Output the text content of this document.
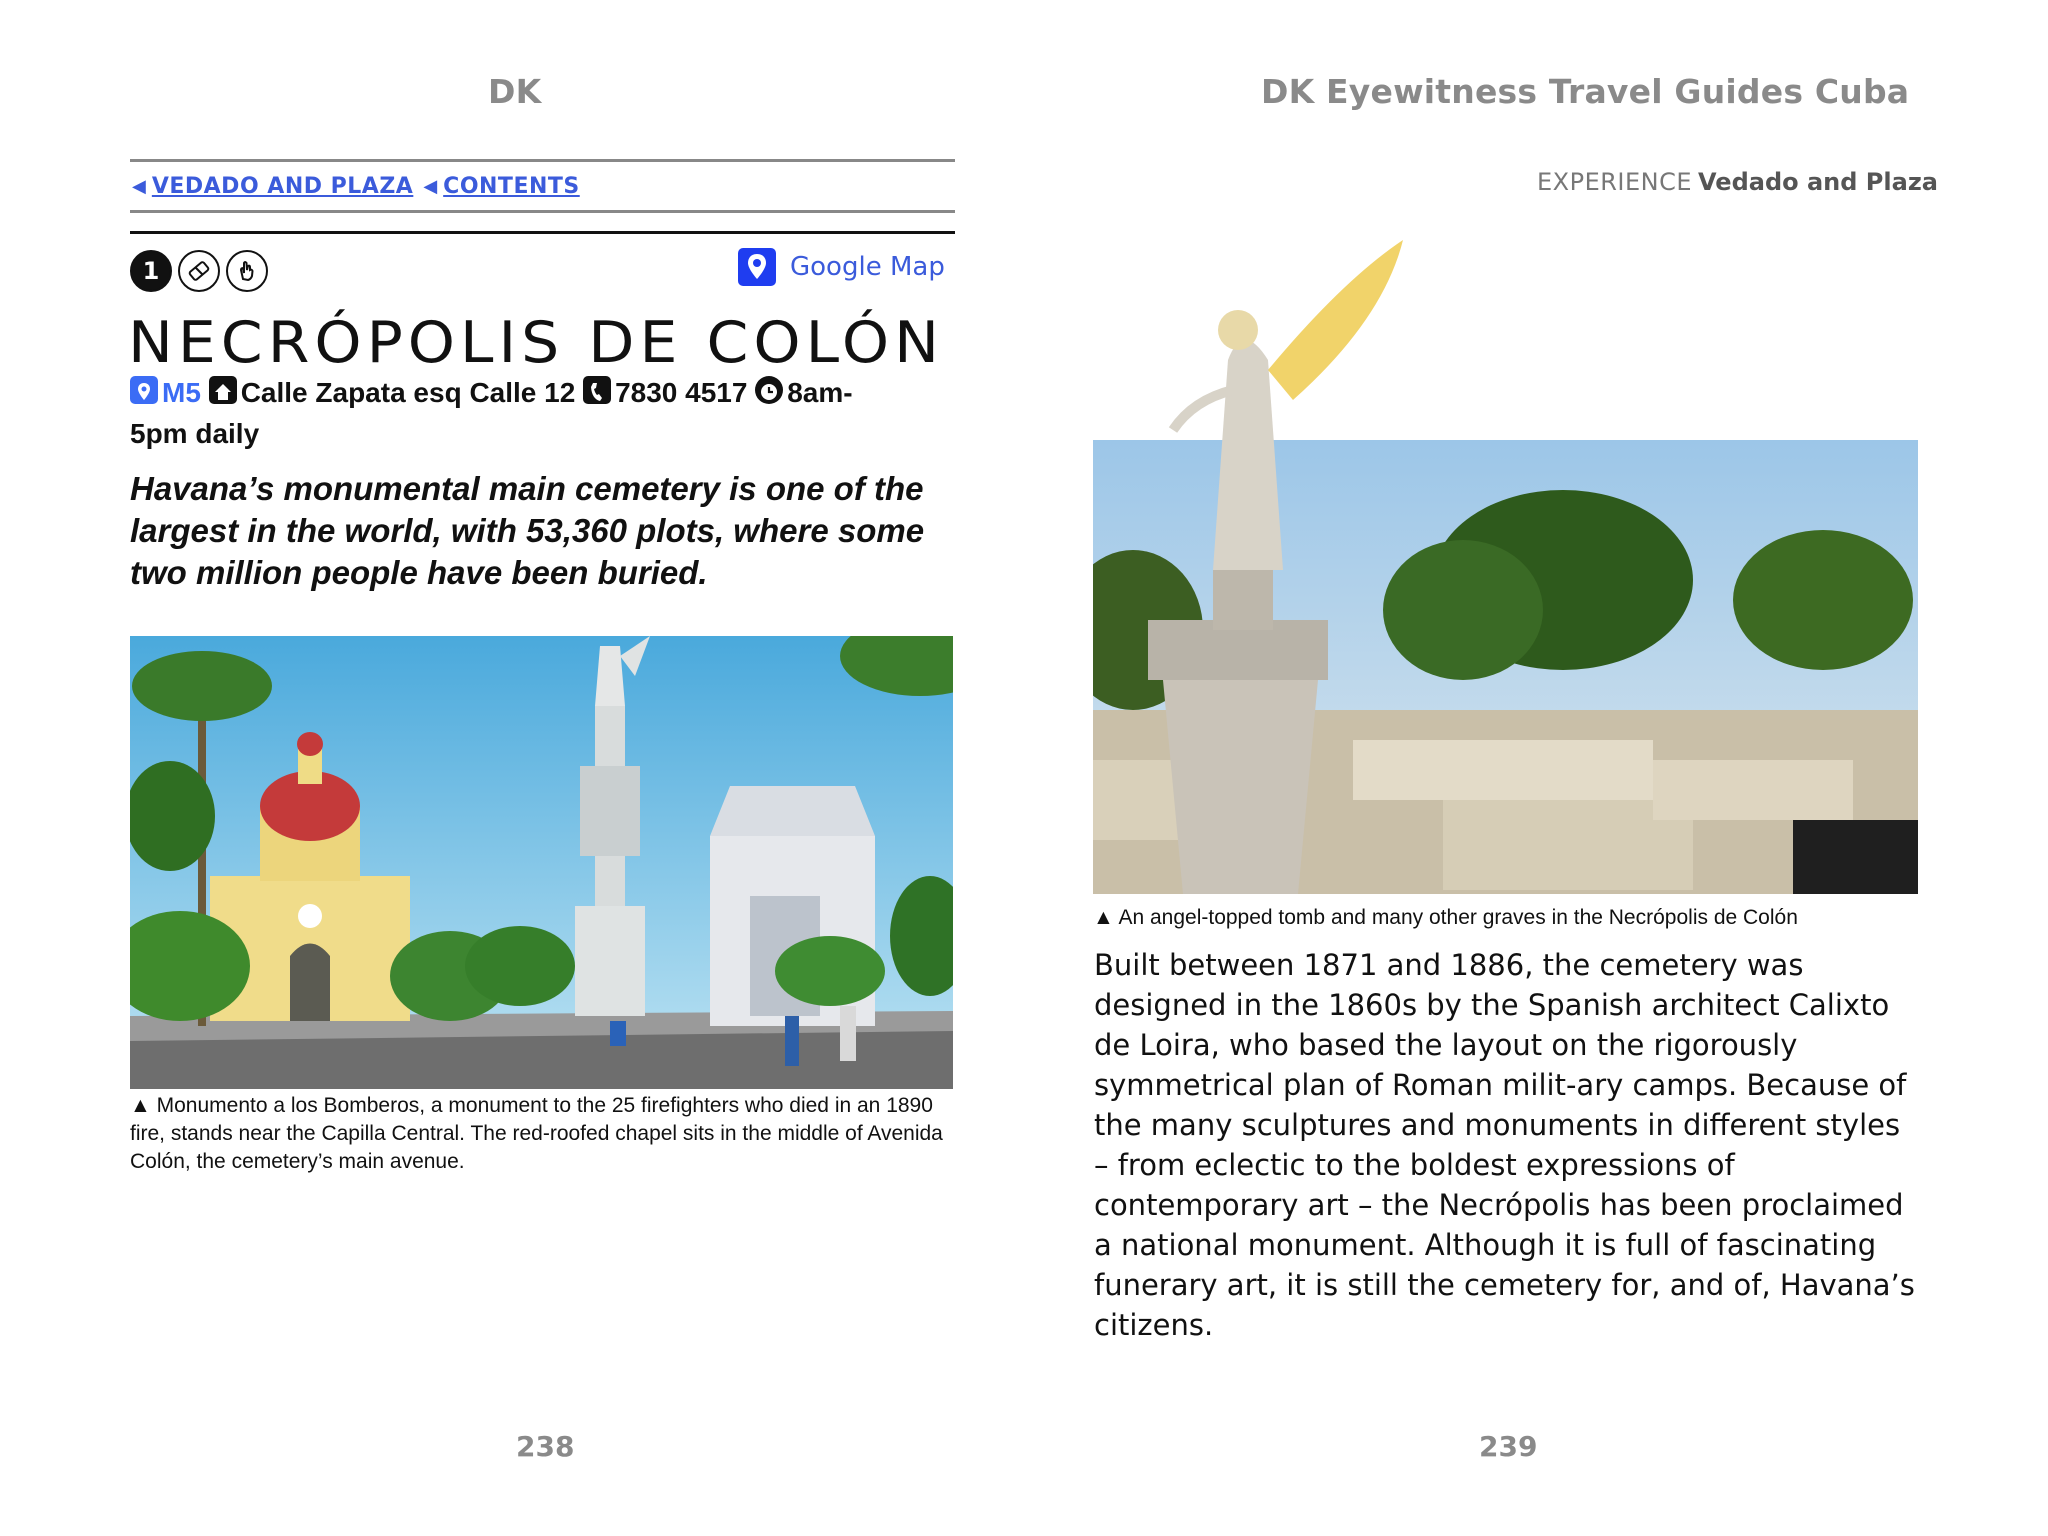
DK
◀ VEDADO AND PLAZA ◀ CONTENTS
1	Google Map
NECRÓPOLIS DE COLÓN
M5 Calle Zapata esq Calle 12 7830 4517 8am-
5pm daily
Havana’s monumental main cemetery is one of the largest in the world, with 53,360 plots, where some two million people have been buried.
▲ Monumento a los Bomberos, a monument to the 25 firefighters who died in an 1890 fire, stands near the Capilla Central. The red-roofed chapel sits in the middle of Avenida Colón, the cemetery’s main avenue.
238
DK Eyewitness Travel Guides Cuba
EXPERIENCE Vedado and Plaza
▲ An angel-topped tomb and many other graves in the Necrópolis de Colón
Built between 1871 and 1886, the cemetery was designed in the 1860s by the Spanish architect Calixto de Loira, who based the layout on the rigorously symmetrical plan of Roman milit-ary camps. Because of the many sculptures and monuments in different styles – from eclectic to the boldest expressions of contemporary art – the Necrópolis has been proclaimed a national monument. Although it is full of fascinating funerary art, it is still the cemetery for, and of, Havana’s citizens.
239
